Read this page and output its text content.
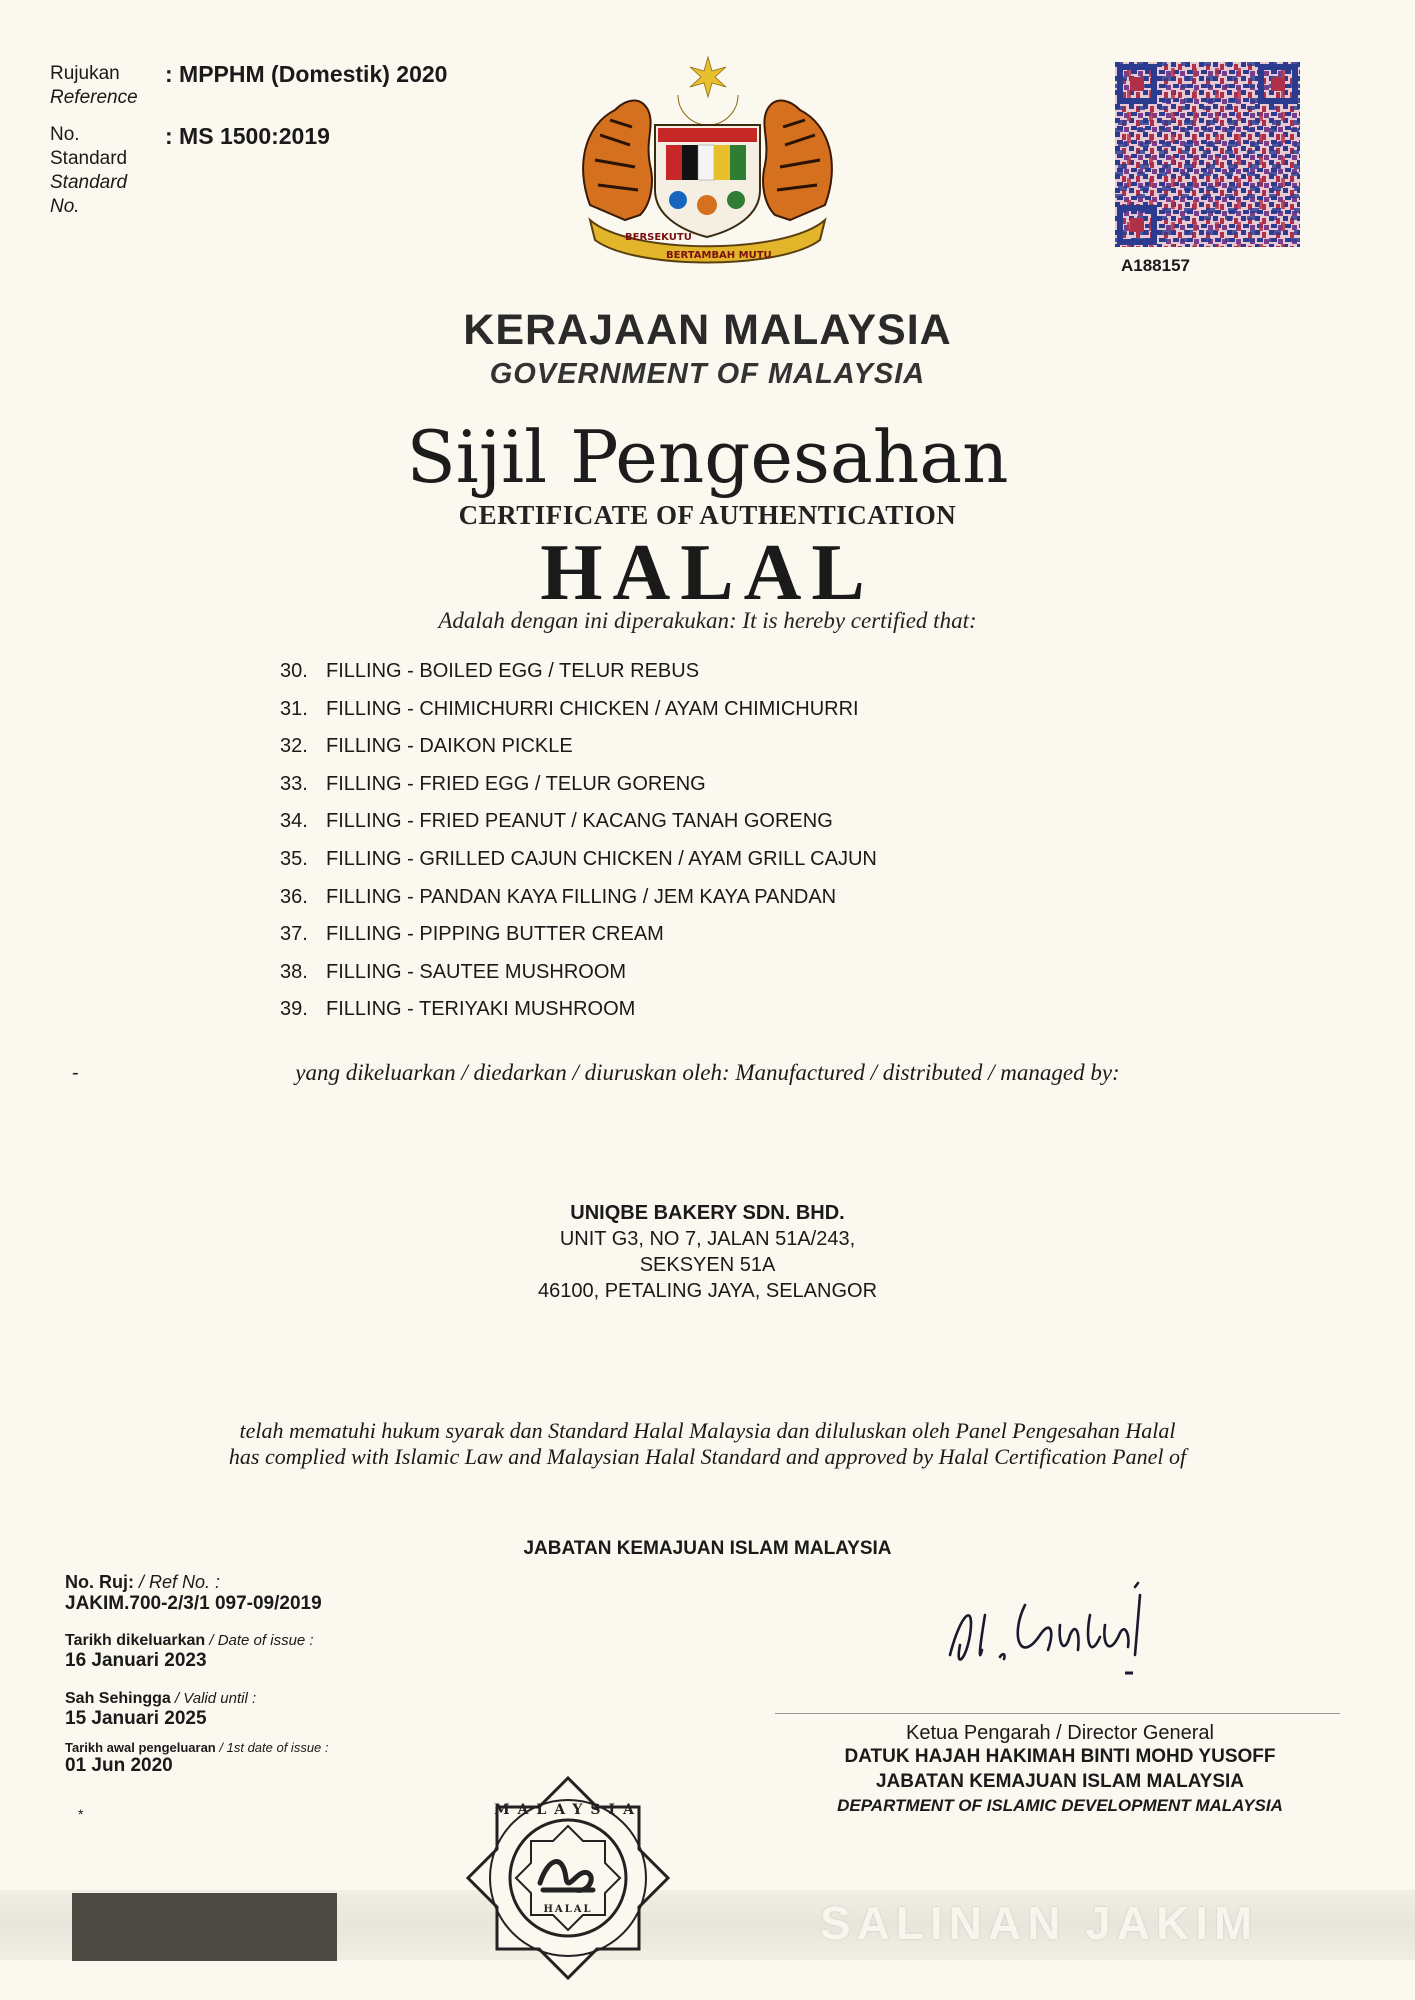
Rujukan
Reference
: MPPHM (Domestik) 2020
No.
Standard
Standard
No.
: MS 1500:2019
BERSEKUTU
BERTAMBAH MUTU
A188157
KERAJAAN MALAYSIA
GOVERNMENT OF MALAYSIA
Sijil Pengesahan
CERTIFICATE OF AUTHENTICATION
HALAL
Adalah dengan ini diperakukan: It is hereby certified that:
30. FILLING - BOILED EGG / TELUR REBUS
31. FILLING - CHIMICHURRI CHICKEN / AYAM CHIMICHURRI
32. FILLING - DAIKON PICKLE
33. FILLING - FRIED EGG / TELUR GORENG
34. FILLING - FRIED PEANUT / KACANG TANAH GORENG
35. FILLING - GRILLED CAJUN CHICKEN / AYAM GRILL CAJUN
36. FILLING - PANDAN KAYA FILLING / JEM KAYA PANDAN
37. FILLING - PIPPING BUTTER CREAM
38. FILLING - SAUTEE MUSHROOM
39. FILLING - TERIYAKI MUSHROOM
-	yang dikeluarkan / diedarkan / diuruskan oleh: Manufactured / distributed / managed by:
UNIQBE BAKERY SDN. BHD.
UNIT G3, NO 7, JALAN 51A/243,
SEKSYEN 51A
46100, PETALING JAYA, SELANGOR
telah mematuhi hukum syarak dan Standard Halal Malaysia dan diluluskan oleh Panel Pengesahan Halal
has complied with Islamic Law and Malaysian Halal Standard and approved by Halal Certification Panel of
JABATAN KEMAJUAN ISLAM MALAYSIA
No. Ruj: / Ref No. :
JAKIM.700-2/3/1 097-09/2019
Tarikh dikeluarkan / Date of issue :
16 Januari 2023
Sah Sehingga / Valid until :
15 Januari 2025
Tarikh awal pengeluaran / 1st date of issue :
01 Jun 2020
*
Ketua Pengarah / Director General
DATUK HAJAH HAKIMAH BINTI MOHD YUSOFF
JABATAN KEMAJUAN ISLAM MALAYSIA
DEPARTMENT OF ISLAMIC DEVELOPMENT MALAYSIA
SALINAN JAKIM
MALAYSIA
HALAL
